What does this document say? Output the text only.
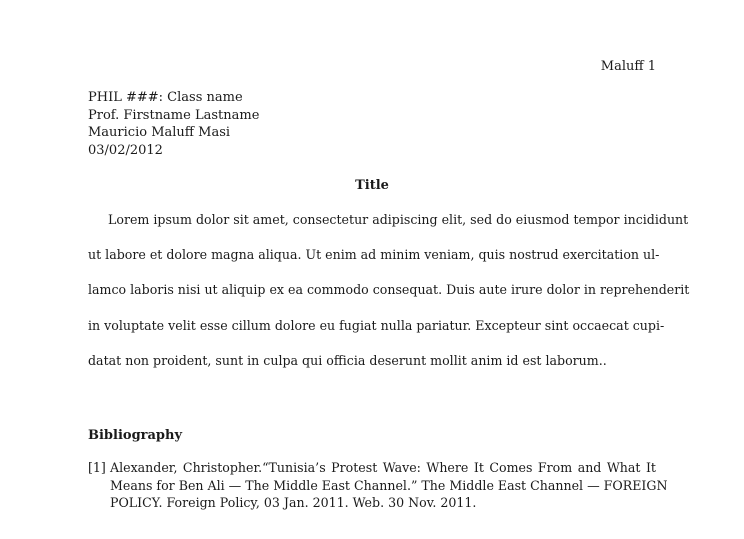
Maluff 1
PHIL ###: Class name
Prof. Firstname Lastname
Mauricio Maluff Masi
03/02/2012
Title
Lorem ipsum dolor sit amet, consectetur adipiscing elit, sed do eiusmod tempor incididunt
ut labore et dolore magna aliqua. Ut enim ad minim veniam, quis nostrud exercitation ul-
lamco laboris nisi ut aliquip ex ea commodo consequat. Duis aute irure dolor in reprehenderit
in voluptate velit esse cillum dolore eu fugiat nulla pariatur. Excepteur sint occaecat cupi-
datat non proident, sunt in culpa qui officia deserunt mollit anim id est laborum..
Bibliography
[1] Alexander, Christopher.“Tunisia’s Protest Wave: Where It Comes From and What It
Means for Ben Ali — The Middle East Channel.” The Middle East Channel — FOREIGN
POLICY. Foreign Policy, 03 Jan. 2011. Web. 30 Nov. 2011.
